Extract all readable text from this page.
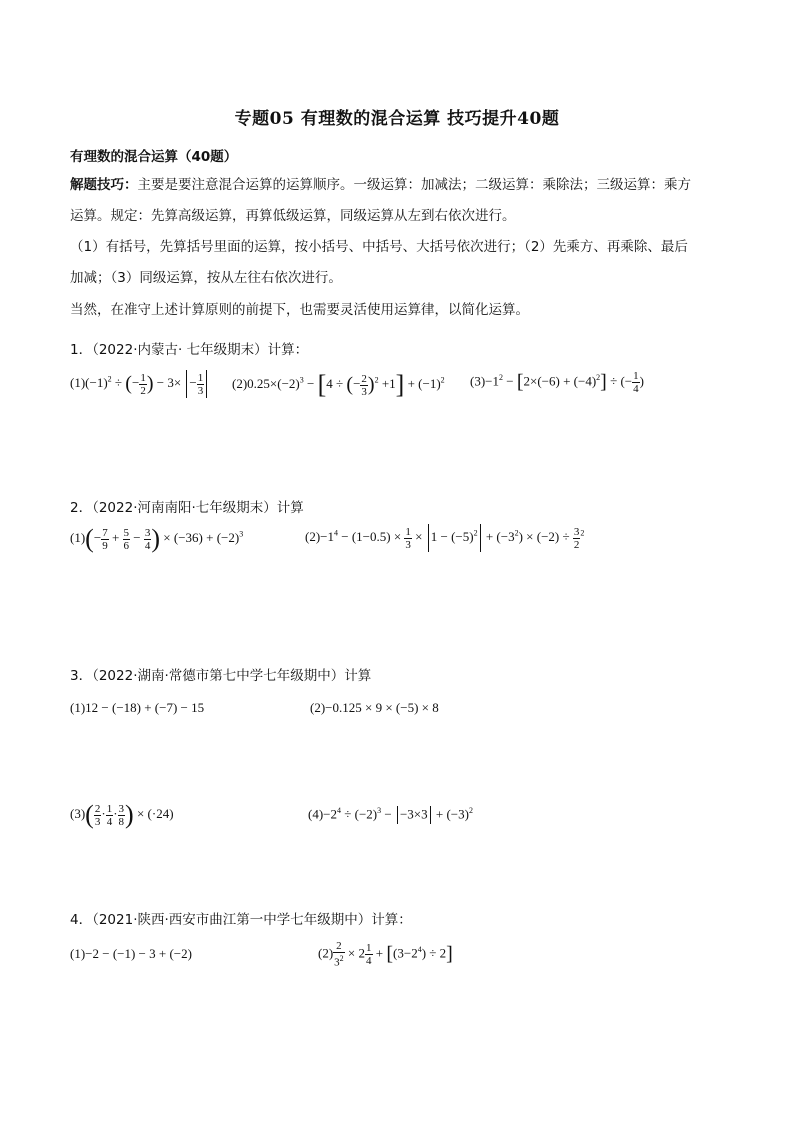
专题05 有理数的混合运算 技巧提升40题
有理数的混合运算（40题）
解题技巧：主要是要注意混合运算的运算顺序。一级运算：加减法；二级运算：乘除法；三级运算：乘方
运算。规定：先算高级运算，再算低级运算，同级运算从左到右依次进行。
（1）有括号，先算括号里面的运算，按小括号、中括号、大括号依次进行；（2）先乘方、再乘除、最后
加减；（3）同级运算，按从左往右依次进行。
当然，在准守上述计算原则的前提下，也需要灵活使用运算律，以简化运算。
1．（2022·内蒙古· 七年级期末）计算：
$(1)(-1)^2$ ÷ (− $\frac{1}{2}$ ) − $3\times - \frac{1}{3} (2)0.25\times(-2)^3 - [4$ ÷ (− $\frac{2}{3} )^2 +1] + (-1)^2$ $(3)-1^2 - [2\times(-6) + (-4)^2]$ ÷ (− $\frac{1}{4}$ )
2．（2022·河南南阳·七年级期末）计算
$(1)(- \frac{7}{9} + \frac{5}{6} - \frac{3}{4}$ ) × $(-36) + (-2)^3$	$(2)-1^4 - (1-0.5) \times \frac{1}{3} \times 1 - (-5)^2 + (-3^2) \times (-2) \div \frac{3}{2} ^2$
3．（2022·湖南·常德市第七中学七年级期中）计算
(1)12 − (−18) + (−7) − 15	(2)−0.125 × 9 × (−5) × 8
$(3)( \frac{2}{3} \cdot \frac{1}{4} \cdot \frac{3}{8}$ ) × (·24)	$(4)-2^4 \div (-2)^3 - -3\times 3 + (-3)^2$
4．（2021·陕西·西安市曲江第一中学七年级期中）计算：
(1)−2 − (−1) − 3 + (−2)	$(2) \frac{2}{3^2} \times 2 \frac{1}{4} + [(3-2^4) \div 2]$
